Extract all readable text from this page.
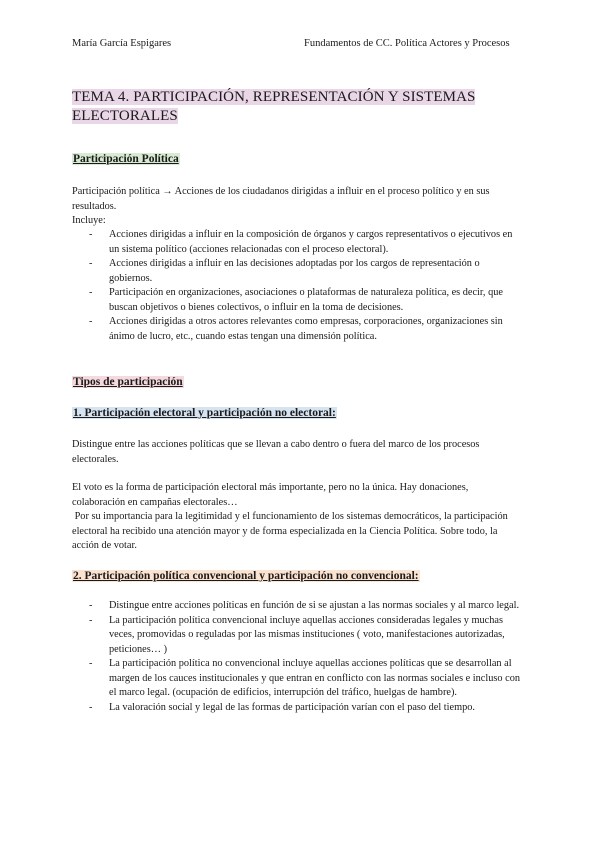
María García Espigares	Fundamentos de CC. Política Actores y Procesos
TEMA 4. PARTICIPACIÓN, REPRESENTACIÓN Y SISTEMAS ELECTORALES
Participación Política
Participación política → Acciones de los ciudadanos dirigidas a influir en el proceso político y en sus resultados.
Incluye:
- Acciones dirigidas a influir en la composición de órganos y cargos representativos o ejecutivos en un sistema político (acciones relacionadas con el proceso electoral).
- Acciones dirigidas a influir en las decisiones adoptadas por los cargos de representación o gobiernos.
- Participación en organizaciones, asociaciones o plataformas de naturaleza política, es decir, que buscan objetivos o bienes colectivos, o influir en la toma de decisiones.
- Acciones dirigidas a otros actores relevantes como empresas, corporaciones, organizaciones sin ánimo de lucro, etc., cuando estas tengan una dimensión política.
Tipos de participación
1. Participación electoral y participación no electoral:
Distingue entre las acciones políticas que se llevan a cabo dentro o fuera del marco de los procesos electorales.
El voto es la forma de participación electoral más importante, pero no la única. Hay donaciones, colaboración en campañas electorales…
Por su importancia para la legitimidad y el funcionamiento de los sistemas democráticos, la participación electoral ha recibido una atención mayor y de forma especializada en la Ciencia Política. Sobre todo, la acción de votar.
2. Participación política convencional y participación no convencional:
- Distingue entre acciones políticas en función de si se ajustan a las normas sociales y al marco legal.
- La participación política convencional incluye aquellas acciones consideradas legales y muchas veces, promovidas o reguladas por las mismas instituciones ( voto, manifestaciones autorizadas, peticiones… )
- La participación política no convencional incluye aquellas acciones políticas que se desarrollan al margen de los cauces institucionales y que entran en conflicto con las normas sociales e incluso con el marco legal. (ocupación de edificios, interrupción del tráfico, huelgas de hambre).
- La valoración social y legal de las formas de participación varían con el paso del tiempo.
